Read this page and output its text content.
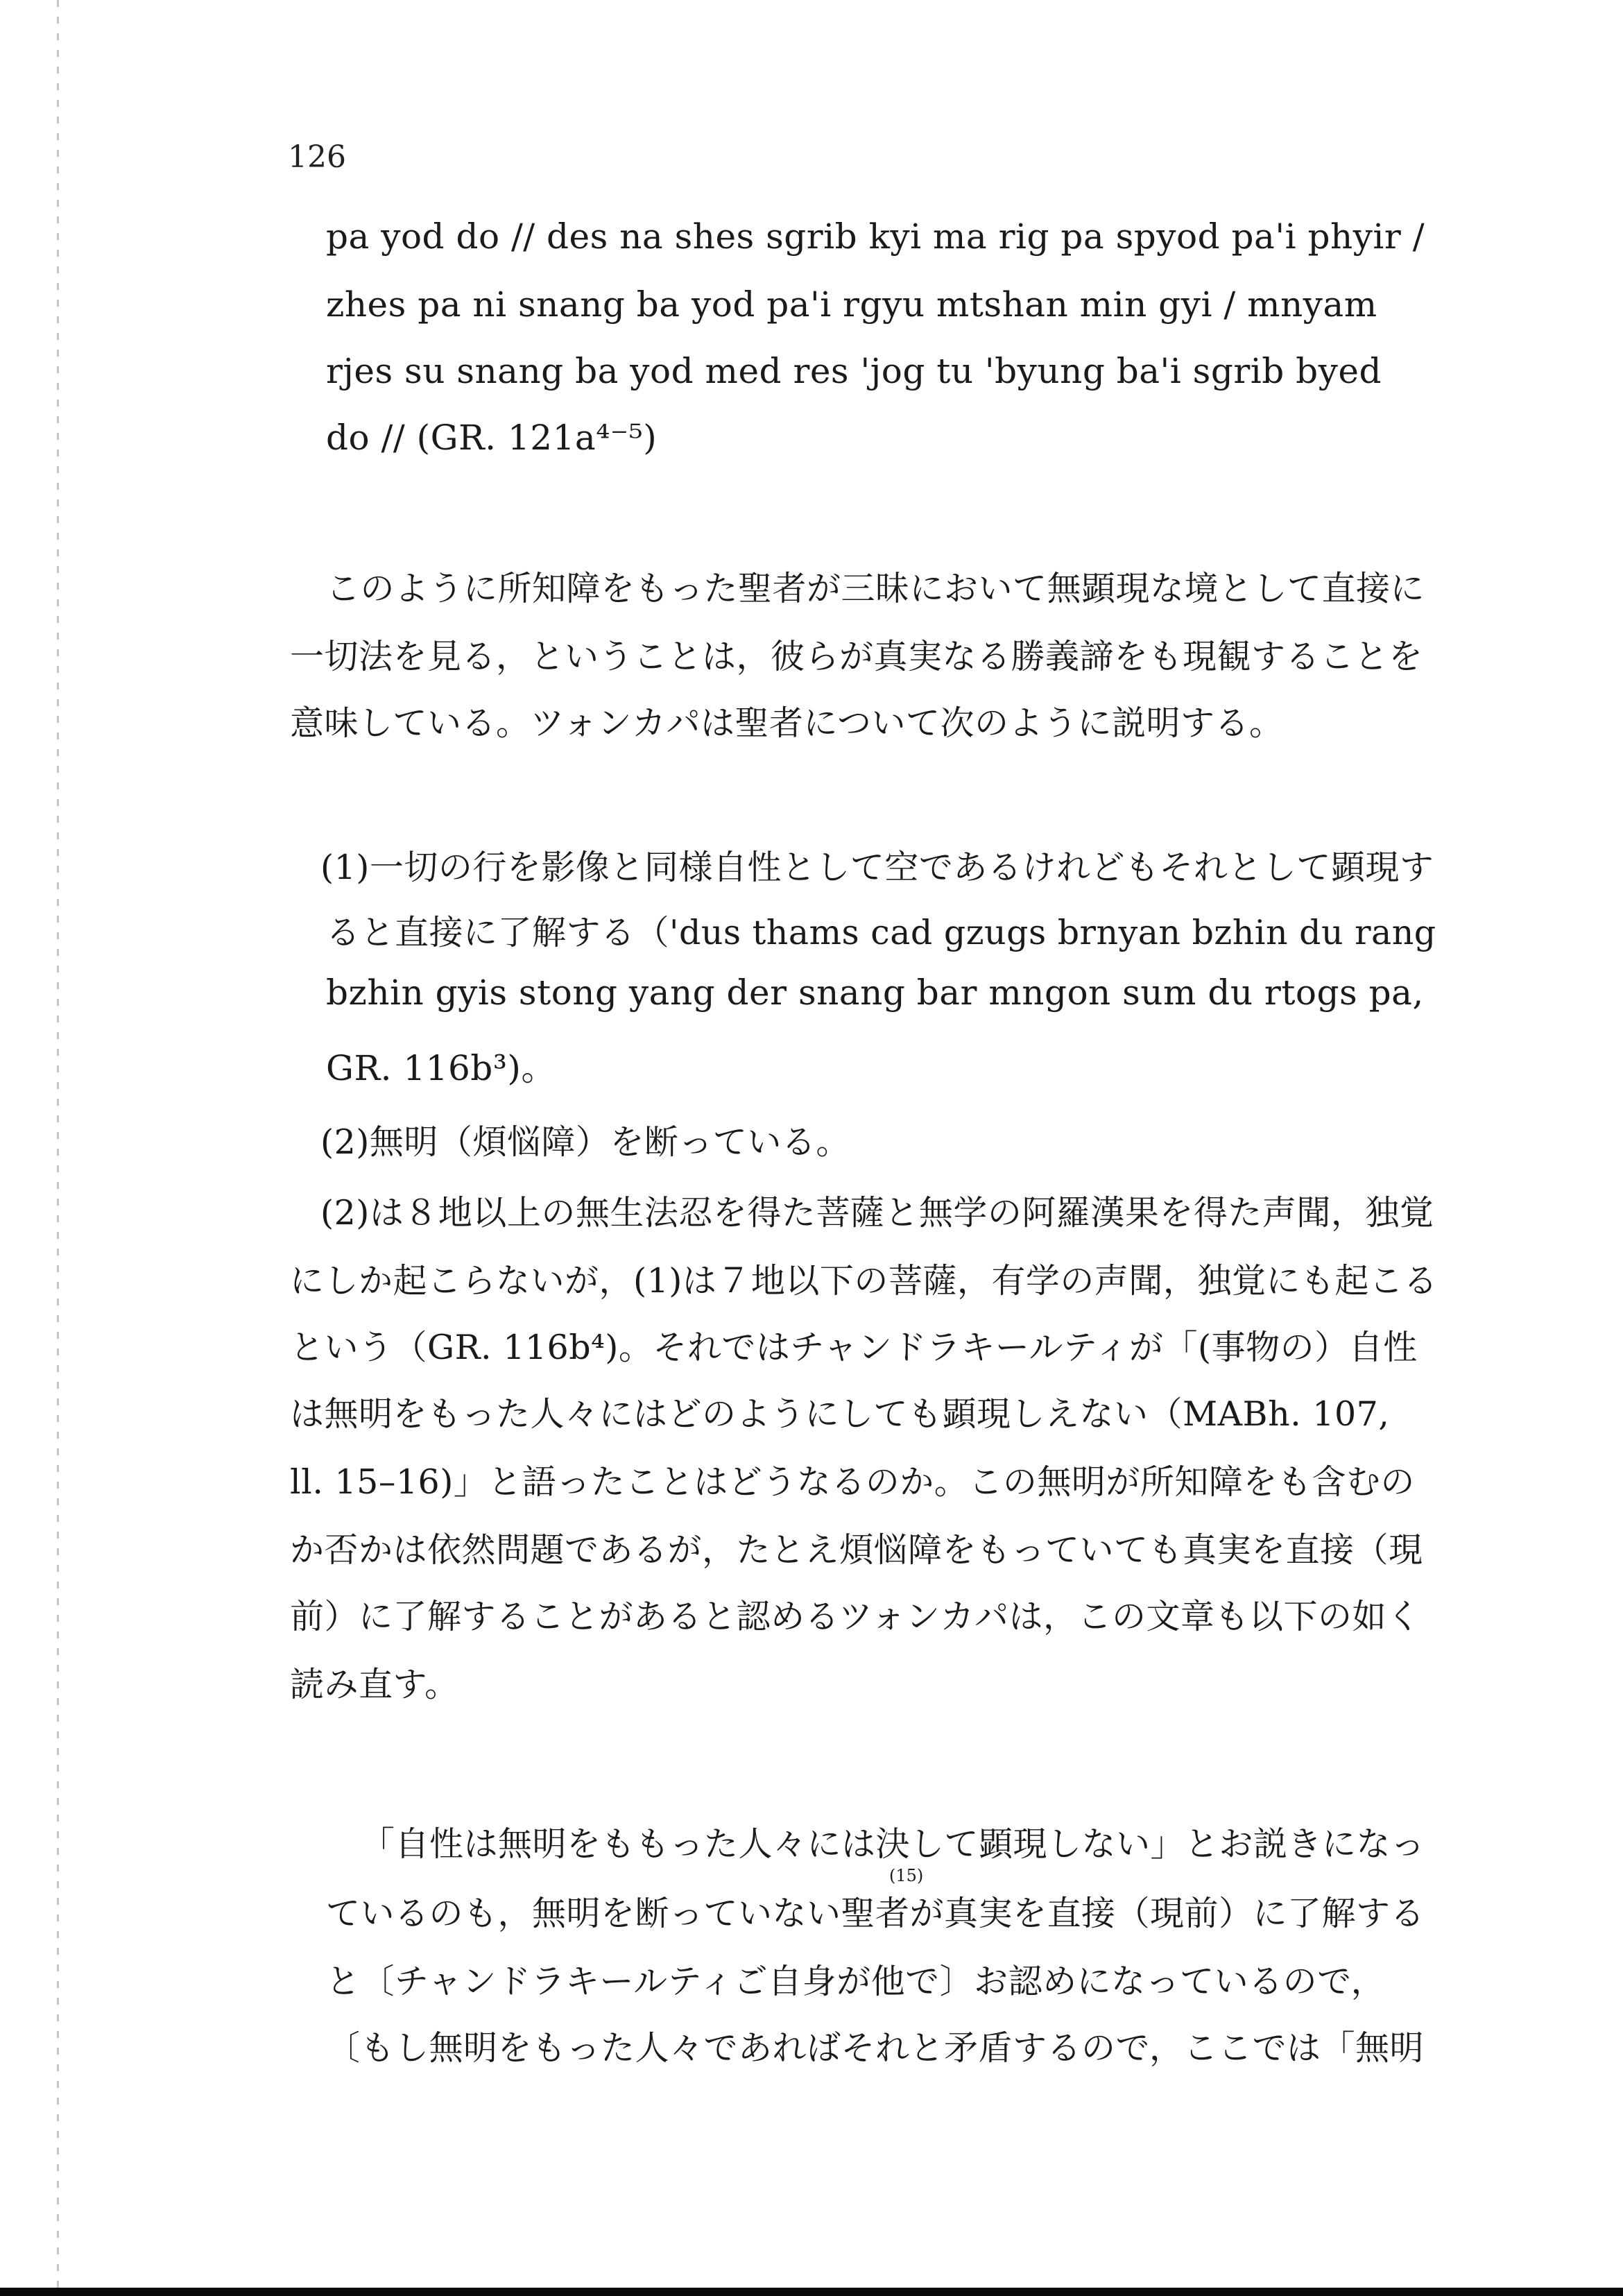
126
pa yod do // des na shes sgrib kyi ma rig pa spyod pa'i phyir /
zhes pa ni snang ba yod pa'i rgyu mtshan min gyi / mnyam
rjes su snang ba yod med res 'jog tu 'byung ba'i sgrib byed
do // (GR. 121a⁴⁻⁵)
このように所知障をもった聖者が三昧において無顕現な境として直接に
一切法を見る，ということは，彼らが真実なる勝義諦をも現観することを
意味している。ツォンカパは聖者について次のように説明する。
(1)一切の行を影像と同様自性として空であるけれどもそれとして顕現す
ると直接に了解する（'dus thams cad gzugs brnyan bzhin du rang
bzhin gyis stong yang der snang bar mngon sum du rtogs pa,
GR. 116b³)。
(2)無明（煩悩障）を断っている。
(2)は８地以上の無生法忍を得た菩薩と無学の阿羅漢果を得た声聞，独覚
にしか起こらないが，(1)は７地以下の菩薩，有学の声聞，独覚にも起こる
という（GR. 116b⁴)。それではチャンドラキールティが「(事物の）自性
は無明をもった人々にはどのようにしても顕現しえない（MABh. 107,
ll. 15–16)」と語ったことはどうなるのか。この無明が所知障をも含むの
か否かは依然問題であるが，たとえ煩悩障をもっていても真実を直接（現
前）に了解することがあると認めるツォンカパは，この文章も以下の如く
読み直す。
「自性は無明をももった人々には決して顕現しない」とお説きになっ
(15)
ているのも，無明を断っていない聖者が真実を直接（現前）に了解する
と〔チャンドラキールティご自身が他で〕お認めになっているので，
〔もし無明をもった人々であればそれと矛盾するので，ここでは「無明
